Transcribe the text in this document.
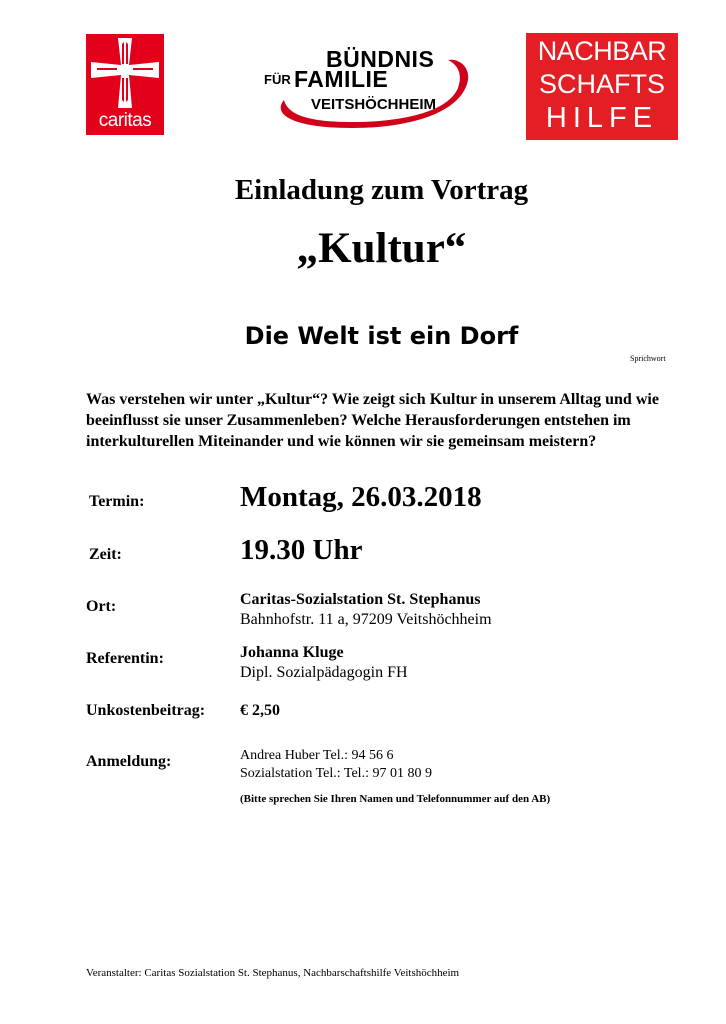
caritas
BÜNDNIS
FÜR FAMILIE
VEITSHÖCHHEIM
NACHBAR
SCHAFTS
HILFE
Einladung zum Vortrag
„Kultur“
Die Welt ist ein Dorf
Sprichwort
Was verstehen wir unter „Kultur“? Wie zeigt sich Kultur in unserem Alltag und wie beeinflusst sie unser Zusammenleben? Welche Herausforderungen entstehen im interkulturellen Miteinander und wie können wir sie gemeinsam meistern?
Termin:	Montag, 26.03.2018
Zeit:	19.30 Uhr
Ort:	Caritas-Sozialstation St. Stephanus
Bahnhofstr. 11 a, 97209 Veitshöchheim
Referentin:	Johanna Kluge
Dipl. Sozialpädagogin FH
Unkostenbeitrag: € 2,50
Anmeldung:	Andrea Huber Tel.: 94 56 6
Sozialstation Tel.: Tel.: 97 01 80 9
(Bitte sprechen Sie Ihren Namen und Telefonnummer auf den AB)
Veranstalter: Caritas Sozialstation St. Stephanus, Nachbarschaftshilfe Veitshöchheim
